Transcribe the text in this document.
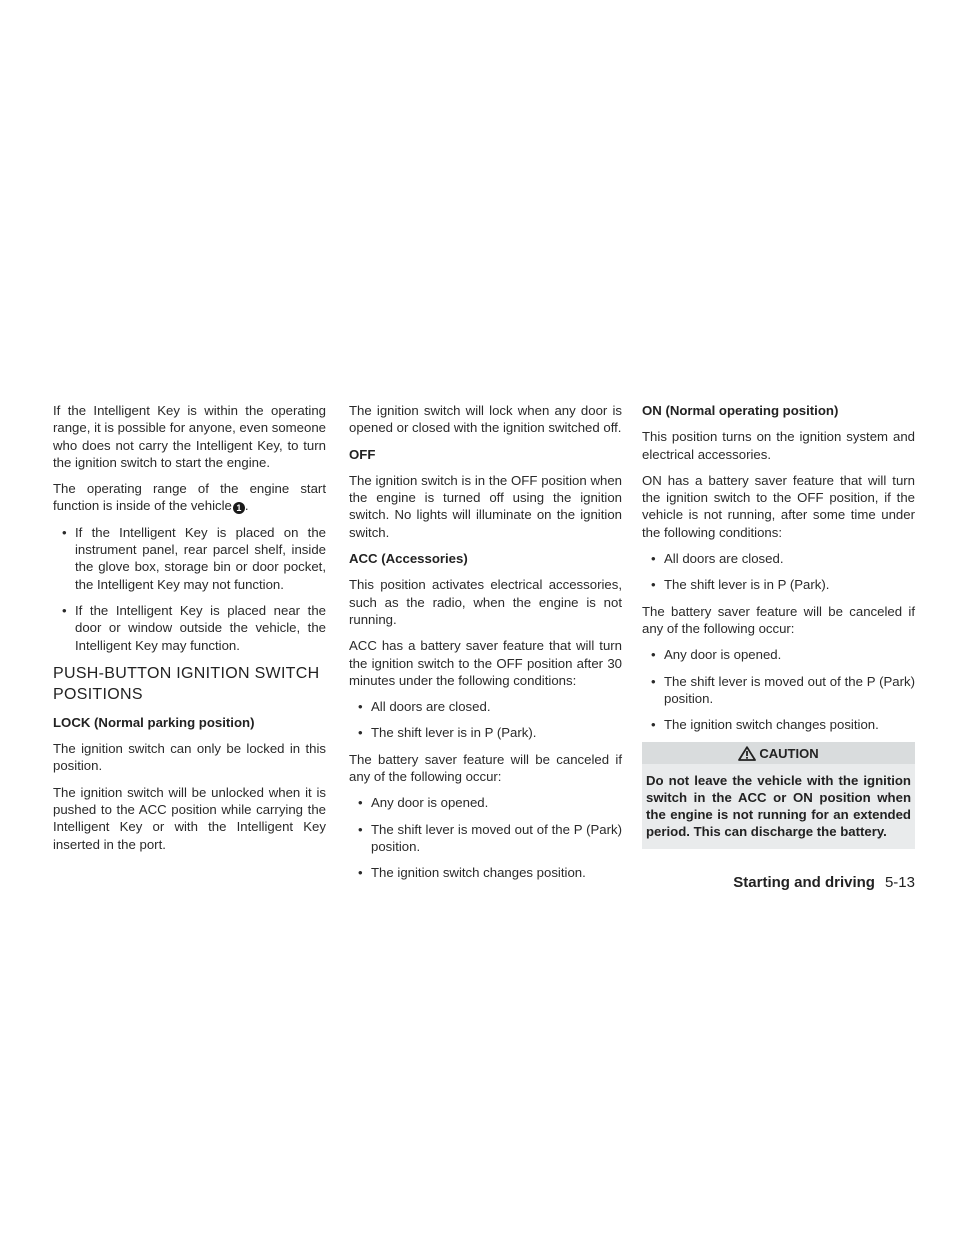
If the Intelligent Key is within the operating range, it is possible for anyone, even someone who does not carry the Intelligent Key, to turn the ignition switch to start the engine.

The operating range of the engine start function is inside of the vehicle 1 .

• If the Intelligent Key is placed on the instrument panel, rear parcel shelf, inside the glove box, storage bin or door pocket, the Intelligent Key may not function.
• If the Intelligent Key is placed near the door or window outside the vehicle, the Intelligent Key may function.
PUSH-BUTTON IGNITION SWITCH POSITIONS
LOCK (Normal parking position)

The ignition switch can only be locked in this position.

The ignition switch will be unlocked when it is pushed to the ACC position while carrying the Intelligent Key or with the Intelligent Key inserted in the port.

The ignition switch will lock when any door is opened or closed with the ignition switched off.

OFF

The ignition switch is in the OFF position when the engine is turned off using the ignition switch. No lights will illuminate on the ignition switch.

ACC (Accessories)

This position activates electrical accessories, such as the radio, when the engine is not running.

ACC has a battery saver feature that will turn the ignition switch to the OFF position after 30 minutes under the following conditions:

• All doors are closed.
• The shift lever is in P (Park).

The battery saver feature will be canceled if any of the following occur:

• Any door is opened.
• The shift lever is moved out of the P (Park) position.
• The ignition switch changes position.
ON (Normal operating position)

This position turns on the ignition system and electrical accessories.

ON has a battery saver feature that will turn the ignition switch to the OFF position, if the vehicle is not running, after some time under the following conditions:

• All doors are closed.
• The shift lever is in P (Park).

The battery saver feature will be canceled if any of the following occur:

• Any door is opened.
• The shift lever is moved out of the P (Park) position.
• The ignition switch changes position.
CAUTION
Do not leave the vehicle with the ignition switch in the ACC or ON position when the engine is not running for an extended period. This can discharge the battery.
Starting and driving 5-13
